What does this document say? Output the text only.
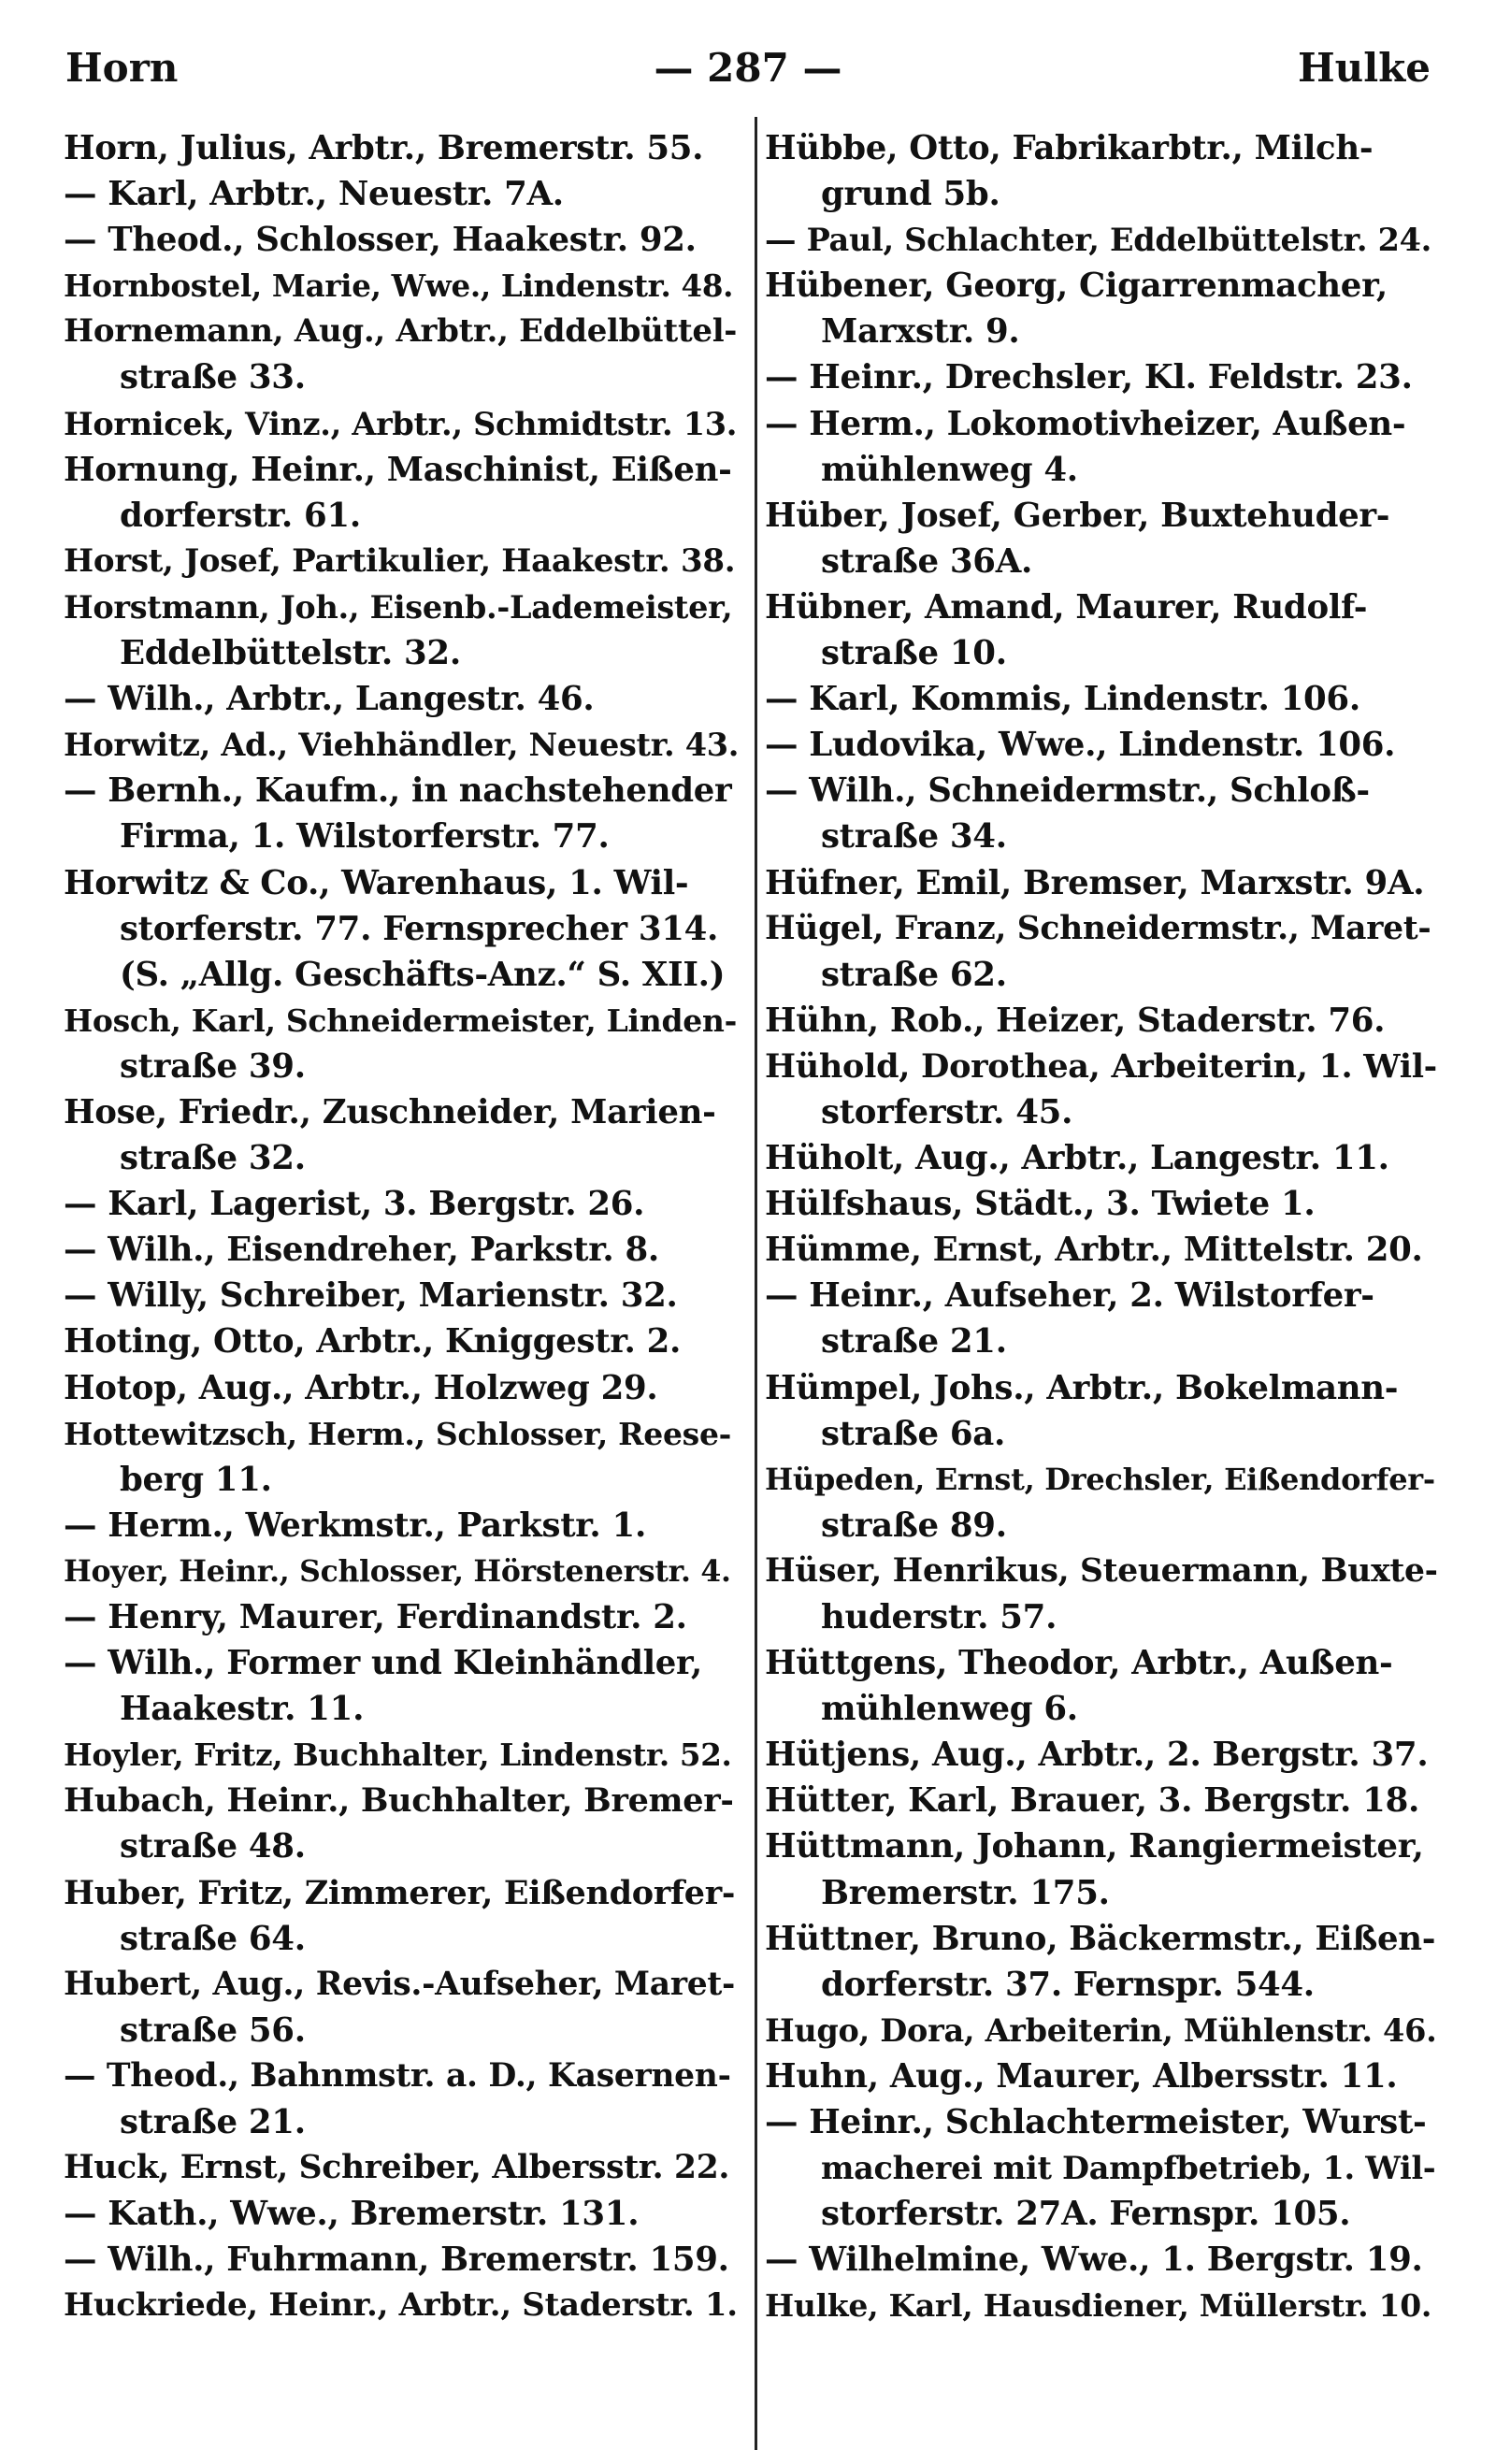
Horn	— 287 —	Hulke
Horn, Julius, Arbtr., Bremerstr. 55.
— Karl, Arbtr., Neuestr. 7A.
— Theod., Schlosser, Haakestr. 92.
Hornbostel, Marie, Wwe., Lindenstr. 48.
Hornemann, Aug., Arbtr., Eddelbüttel-
straße 33.
Hornicek, Vinz., Arbtr., Schmidtstr. 13.
Hornung, Heinr., Maschinist, Eißen-
dorferstr. 61.
Horst, Josef, Partikulier, Haakestr. 38.
Horstmann, Joh., Eisenb.-Lademeister,
Eddelbüttelstr. 32.
— Wilh., Arbtr., Langestr. 46.
Horwitz, Ad., Viehhändler, Neuestr. 43.
— Bernh., Kaufm., in nachstehender
Firma, 1. Wilstorferstr. 77.
Horwitz & Co., Warenhaus, 1. Wil-
storferstr. 77. Fernsprecher 314.
(S. „Allg. Geschäfts-Anz.“ S. XII.)
Hosch, Karl, Schneidermeister, Linden-
straße 39.
Hose, Friedr., Zuschneider, Marien-
straße 32.
— Karl, Lagerist, 3. Bergstr. 26.
— Wilh., Eisendreher, Parkstr. 8.
— Willy, Schreiber, Marienstr. 32.
Hoting, Otto, Arbtr., Kniggestr. 2.
Hotop, Aug., Arbtr., Holzweg 29.
Hottewitzsch, Herm., Schlosser, Reese-
berg 11.
— Herm., Werkmstr., Parkstr. 1.
Hoyer, Heinr., Schlosser, Hörstenerstr. 4.
— Henry, Maurer, Ferdinandstr. 2.
— Wilh., Former und Kleinhändler,
Haakestr. 11.
Hoyler, Fritz, Buchhalter, Lindenstr. 52.
Hubach, Heinr., Buchhalter, Bremer-
straße 48.
Huber, Fritz, Zimmerer, Eißendorfer-
straße 64.
Hubert, Aug., Revis.-Aufseher, Maret-
straße 56.
— Theod., Bahnmstr. a. D., Kasernen-
straße 21.
Huck, Ernst, Schreiber, Albersstr. 22.
— Kath., Wwe., Bremerstr. 131.
— Wilh., Fuhrmann, Bremerstr. 159.
Huckriede, Heinr., Arbtr., Staderstr. 1.
Hübbe, Otto, Fabrikarbtr., Milch-
grund 5b.
— Paul, Schlachter, Eddelbüttelstr. 24.
Hübener, Georg, Cigarrenmacher,
Marxstr. 9.
— Heinr., Drechsler, Kl. Feldstr. 23.
— Herm., Lokomotivheizer, Außen-
mühlenweg 4.
Hüber, Josef, Gerber, Buxtehuder-
straße 36A.
Hübner, Amand, Maurer, Rudolf-
straße 10.
— Karl, Kommis, Lindenstr. 106.
— Ludovika, Wwe., Lindenstr. 106.
— Wilh., Schneidermstr., Schloß-
straße 34.
Hüfner, Emil, Bremser, Marxstr. 9A.
Hügel, Franz, Schneidermstr., Maret-
straße 62.
Hühn, Rob., Heizer, Staderstr. 76.
Hühold, Dorothea, Arbeiterin, 1. Wil-
storferstr. 45.
Hüholt, Aug., Arbtr., Langestr. 11.
Hülfshaus, Städt., 3. Twiete 1.
Hümme, Ernst, Arbtr., Mittelstr. 20.
— Heinr., Aufseher, 2. Wilstorfer-
straße 21.
Hümpel, Johs., Arbtr., Bokelmann-
straße 6a.
Hüpeden, Ernst, Drechsler, Eißendorfer-
straße 89.
Hüser, Henrikus, Steuermann, Buxte-
huderstr. 57.
Hüttgens, Theodor, Arbtr., Außen-
mühlenweg 6.
Hütjens, Aug., Arbtr., 2. Bergstr. 37.
Hütter, Karl, Brauer, 3. Bergstr. 18.
Hüttmann, Johann, Rangiermeister,
Bremerstr. 175.
Hüttner, Bruno, Bäckermstr., Eißen-
dorferstr. 37. Fernspr. 544.
Hugo, Dora, Arbeiterin, Mühlenstr. 46.
Huhn, Aug., Maurer, Albersstr. 11.
— Heinr., Schlachtermeister, Wurst-
macherei mit Dampfbetrieb, 1. Wil-
storferstr. 27A. Fernspr. 105.
— Wilhelmine, Wwe., 1. Bergstr. 19.
Hulke, Karl, Hausdiener, Müllerstr. 10.
